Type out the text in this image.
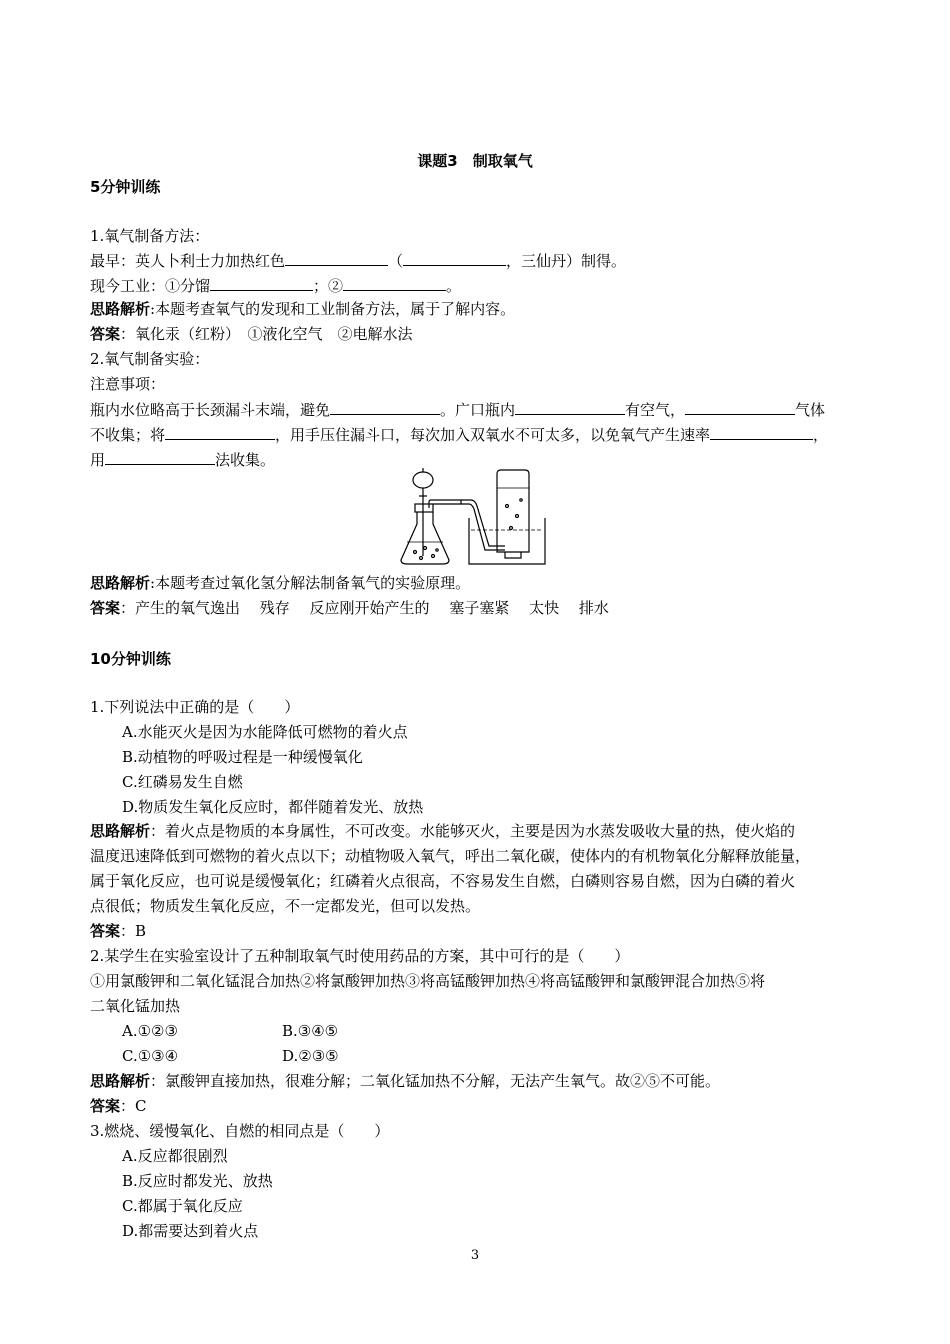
课题3　制取氧气
5分钟训练
1.氧气制备方法：
最早：英人卜利士力加热红色	（	，三仙丹）制得。
现今工业：①分馏	；②	。
思路解析:本题考查氧气的发现和工业制备方法，属于了解内容。
答案：氧化汞（红粉）　①液化空气　②电解水法
2.氧气制备实验：
注意事项：
瓶内水位略高于长颈漏斗末端，避免	。广口瓶内	有空气，	气体
不收集；将	，用手压住漏斗口，每次加入双氧水不可太多，以免氧气产生速率	，
用	法收集。
思路解析:本题考查过氧化氢分解法制备氧气的实验原理。
答案：产生的氧气逸出　 残存　 反应刚开始产生的　 塞子塞紧　 太快　 排水
10分钟训练
1.下列说法中正确的是（　　）
A.水能灭火是因为水能降低可燃物的着火点
B.动植物的呼吸过程是一种缓慢氧化
C.红磷易发生自燃
D.物质发生氧化反应时，都伴随着发光、放热
思路解析：着火点是物质的本身属性，不可改变。水能够灭火，主要是因为水蒸发吸收大量的热，使火焰的
温度迅速降低到可燃物的着火点以下；动植物吸入氧气，呼出二氧化碳，使体内的有机物氧化分解释放能量，
属于氧化反应，也可说是缓慢氧化；红磷着火点很高，不容易发生自燃，白磷则容易自燃，因为白磷的着火
点很低；物质发生氧化反应，不一定都发光，但可以发热。
答案：B
2.某学生在实验室设计了五种制取氧气时使用药品的方案，其中可行的是（　　）
①用氯酸钾和二氧化锰混合加热②将氯酸钾加热③将高锰酸钾加热④将高锰酸钾和氯酸钾混合加热⑤将
二氧化锰加热
A.①②③	B.③④⑤
C.①③④	D.②③⑤
思路解析：氯酸钾直接加热，很难分解；二氧化锰加热不分解，无法产生氧气。故②⑤不可能。
答案：C
3.燃烧、缓慢氧化、自燃的相同点是（　　）
A.反应都很剧烈
B.反应时都发光、放热
C.都属于氧化反应
D.都需要达到着火点
3
